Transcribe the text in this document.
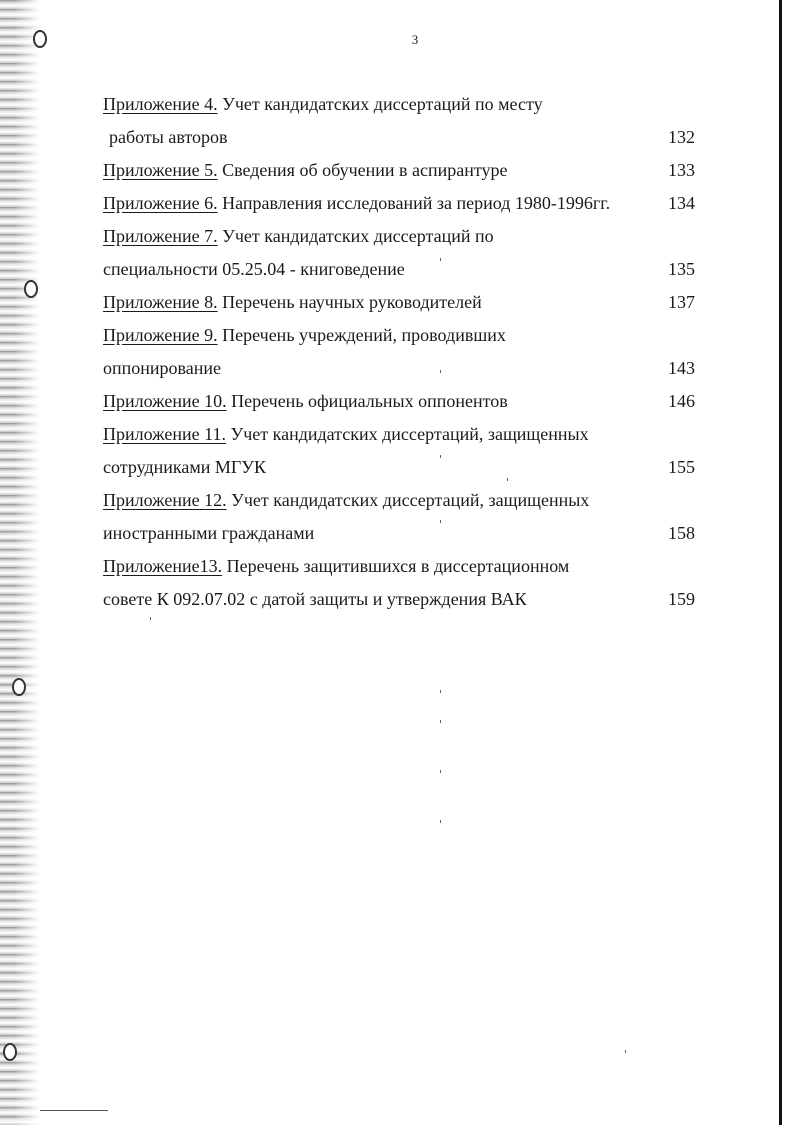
3
Приложение 4. Учет кандидатских диссертаций по месту
работы авторов	132
Приложение 5. Сведения об обучении в аспирантуре	133
Приложение 6. Направления исследований за период 1980-1996гг.	134
Приложение 7. Учет кандидатских диссертаций по
специальности 05.25.04 - книговедение	135
Приложение 8. Перечень научных руководителей	137
Приложение 9. Перечень учреждений, проводивших
оппонирование	143
Приложение 10. Перечень официальных оппонентов	146
Приложение 11. Учет кандидатских диссертаций, защищенных
сотрудниками МГУК	155
Приложение 12. Учет кандидатских диссертаций, защищенных
иностранными гражданами	158
Приложение13. Перечень защитившихся в диссертационном
совете К 092.07.02 с датой защиты и утверждения ВАК	159
